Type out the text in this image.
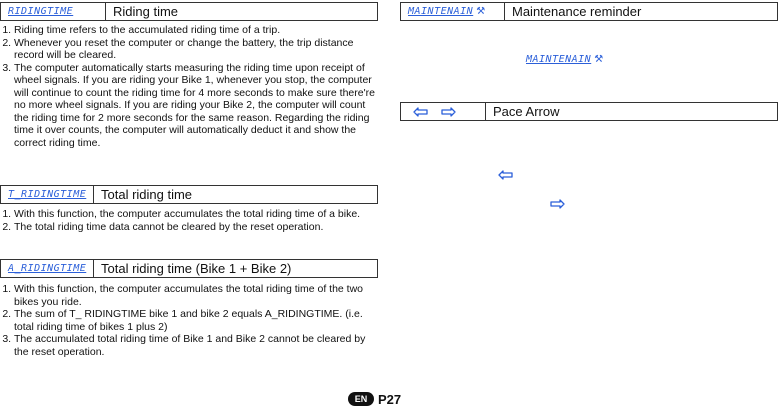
RIDINGTIME	Riding time
1. Riding time refers to the accumulated riding time of a trip.
2. Whenever you reset the computer or change the battery, the trip distance record will be cleared.
3. The computer automatically starts measuring the riding time upon receipt of wheel signals. If you are riding your Bike 1, whenever you stop, the computer will continue to count the riding time for 4 more seconds to make sure there're no more wheel signals. If you are riding your Bike 2, the computer will count the riding time for 2 more seconds for the same reason. Regarding the riding time it over counts, the computer will automatically deduct it and show the correct riding time.
T_RIDINGTIME	Total riding time
1. With this function, the computer accumulates the total riding time of a bike.
2. The total riding time data cannot be cleared by the reset operation.
A_RIDINGTIME	Total riding time (Bike 1 + Bike 2)
1. With this function, the computer accumulates the total riding time of the two bikes you ride.
2. The sum of T_ RIDINGTIME bike 1 and bike 2 equals A_RIDINGTIME. (i.e. total riding time of bikes 1 plus 2)
3. The accumulated total riding time of Bike 1 and Bike 2 cannot be cleared by the reset operation.
MAINTENAIN ⚒	Maintenance reminder
MAINTENAIN ⚒
Pace Arrow
EN P27
